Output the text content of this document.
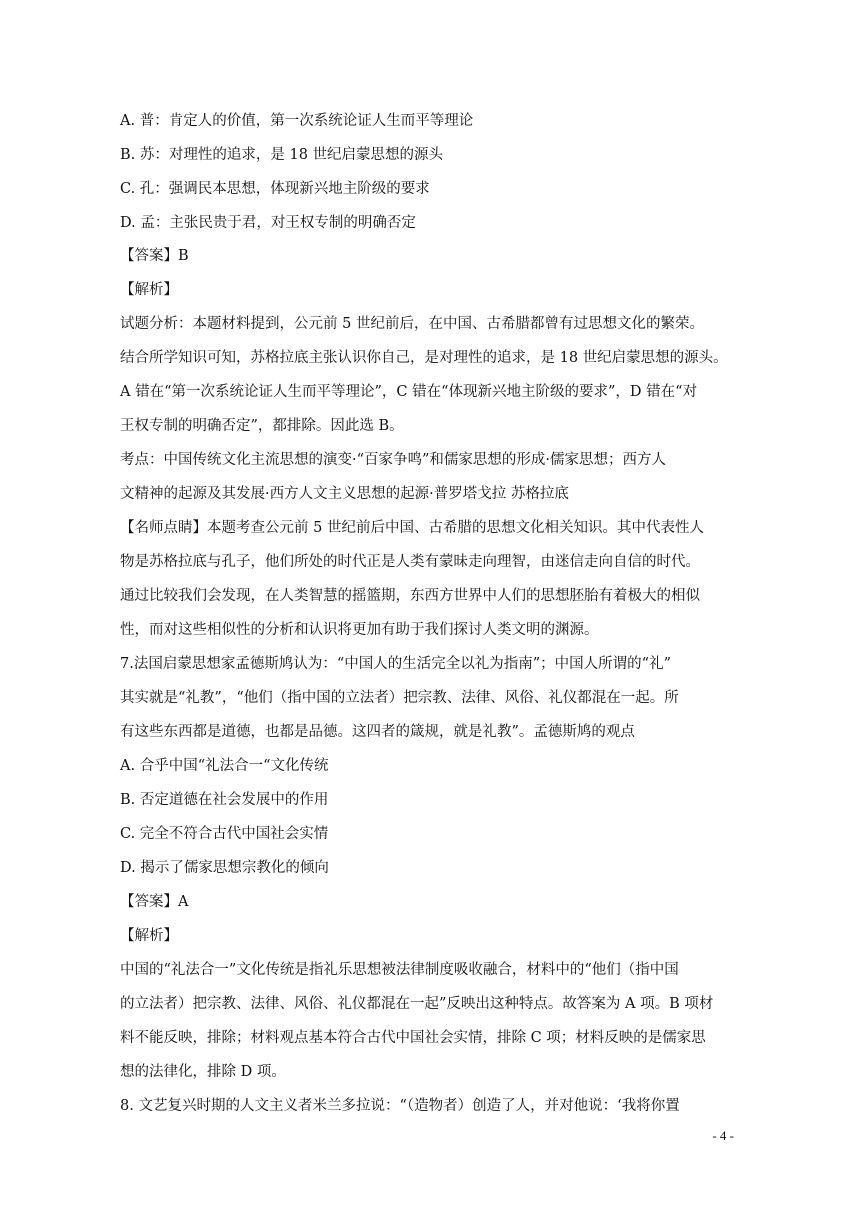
A. 普：肯定人的价值，第一次系统论证人生而平等理论
B. 苏：对理性的追求，是 18 世纪启蒙思想的源头
C. 孔：强调民本思想，体现新兴地主阶级的要求
D. 孟：主张民贵于君，对王权专制的明确否定
【答案】B
【解析】
试题分析：本题材料提到，公元前 5 世纪前后，在中国、古希腊都曾有过思想文化的繁荣。
结合所学知识可知，苏格拉底主张认识你自己，是对理性的追求，是 18 世纪启蒙思想的源头。
A 错在“第一次系统论证人生而平等理论”，C 错在“体现新兴地主阶级的要求”，D 错在“对
王权专制的明确否定”，都排除。因此选 B。
考点：中国传统文化主流思想的演变·“百家争鸣”和儒家思想的形成·儒家思想；西方人
文精神的起源及其发展·西方人文主义思想的起源·普罗塔戈拉 苏格拉底
【名师点睛】本题考查公元前 5 世纪前后中国、古希腊的思想文化相关知识。其中代表性人
物是苏格拉底与孔子，他们所处的时代正是人类有蒙昧走向理智，由迷信走向自信的时代。
通过比较我们会发现，在人类智慧的摇篮期，东西方世界中人们的思想胚胎有着极大的相似
性，而对这些相似性的分析和认识将更加有助于我们探讨人类文明的渊源。
7.法国启蒙思想家孟德斯鸠认为：“中国人的生活完全以礼为指南”；中国人所谓的“礼”
其实就是“礼教”，“他们（指中国的立法者）把宗教、法律、风俗、礼仪都混在一起。所
有这些东西都是道德，也都是品德。这四者的箴规，就是礼教”。孟德斯鸠的观点
A. 合乎中国“礼法合一“文化传统
B. 否定道德在社会发展中的作用
C. 完全不符合古代中国社会实情
D. 揭示了儒家思想宗教化的倾向
【答案】A
【解析】
中国的“礼法合一”文化传统是指礼乐思想被法律制度吸收融合，材料中的“他们（指中国
的立法者）把宗教、法律、风俗、礼仪都混在一起”反映出这种特点。故答案为 A 项。B 项材
料不能反映，排除；材料观点基本符合古代中国社会实情，排除 C 项；材料反映的是儒家思
想的法律化，排除 D 项。
8. 文艺复兴时期的人文主义者米兰多拉说：“（造物者）创造了人，并对他说：‘我将你置
- 4 -
